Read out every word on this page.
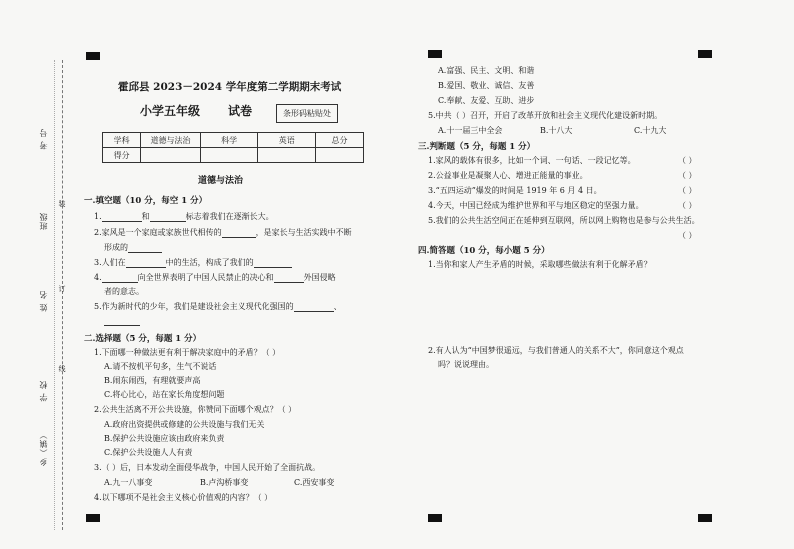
考 号
班级
姓 名
学 校
乡（镇）
装
订
线
霍邱县 2023－2024 学年度第二学期期末考试
小学五年级 试卷	条形码粘贴处
学科	道德与法治	科学	英语	总分
得分				
道德与法治
一.填空题（10 分，每空 1 分）
1.	和	标志着我们在逐渐长大。
2.家风是一个家庭或家族世代相传的	，是家长与生活实践中不断
形成的
3.人们在	中的生活，构成了我们的
4.	向全世界表明了中国人民禁止的决心和	外国侵略
者的意志。
5.作为新时代的少年，我们是建设社会主义现代化强国的	、
二.选择题（5 分，每题 1 分）
1.下面哪一种做法更有利于解决家庭中的矛盾？（ ）
A.请不按机平句多，生气不说话
B.闹东闹西，有理就要声高
C.将心比心，站在家长角度想问题
2.公共生活离不开公共设施，你赞同下面哪个观点？（ ）
A.政府出资提供或修建的公共设施与我们无关
B.保护公共设施应该由政府来负责
C.保护公共设施人人有责
3.（ ）后，日本发动全面侵华战争，中国人民开始了全面抗战。
A.九一八事变	B.卢沟桥事变	C.西安事变
4.以下哪项不是社会主义核心价值观的内容？（ ）
A.富强、民主、文明、和谐
B.爱国、敬业、诚信、友善
C.奉献、友爱、互助、进步
5.中共（ ）召开，开启了改革开放和社会主义现代化建设新时期。
A.十一届三中全会	B.十八大	C.十九大
三.判断题（5 分，每题 1 分）
1.家风的载体有很多，比如一个词、一句话、一段记忆等。	（ ）
2.公益事业是凝聚人心、增进正能量的事业。	（ ）
3.“五四运动”爆发的时间是 1919 年 6 月 4 日。	（ ）
4.今天，中国已经成为维护世界和平与地区稳定的坚强力量。	（ ）
5.我们的公共生活空间正在延伸到互联网，所以网上购物也是参与公共生活。
（ ）
四.简答题（10 分，每小题 5 分）
1.当你和家人产生矛盾的时候，采取哪些做法有利于化解矛盾？
2.有人认为“中国梦很遥远，与我们普通人的关系不大”，你同意这个观点
吗？说说理由。
